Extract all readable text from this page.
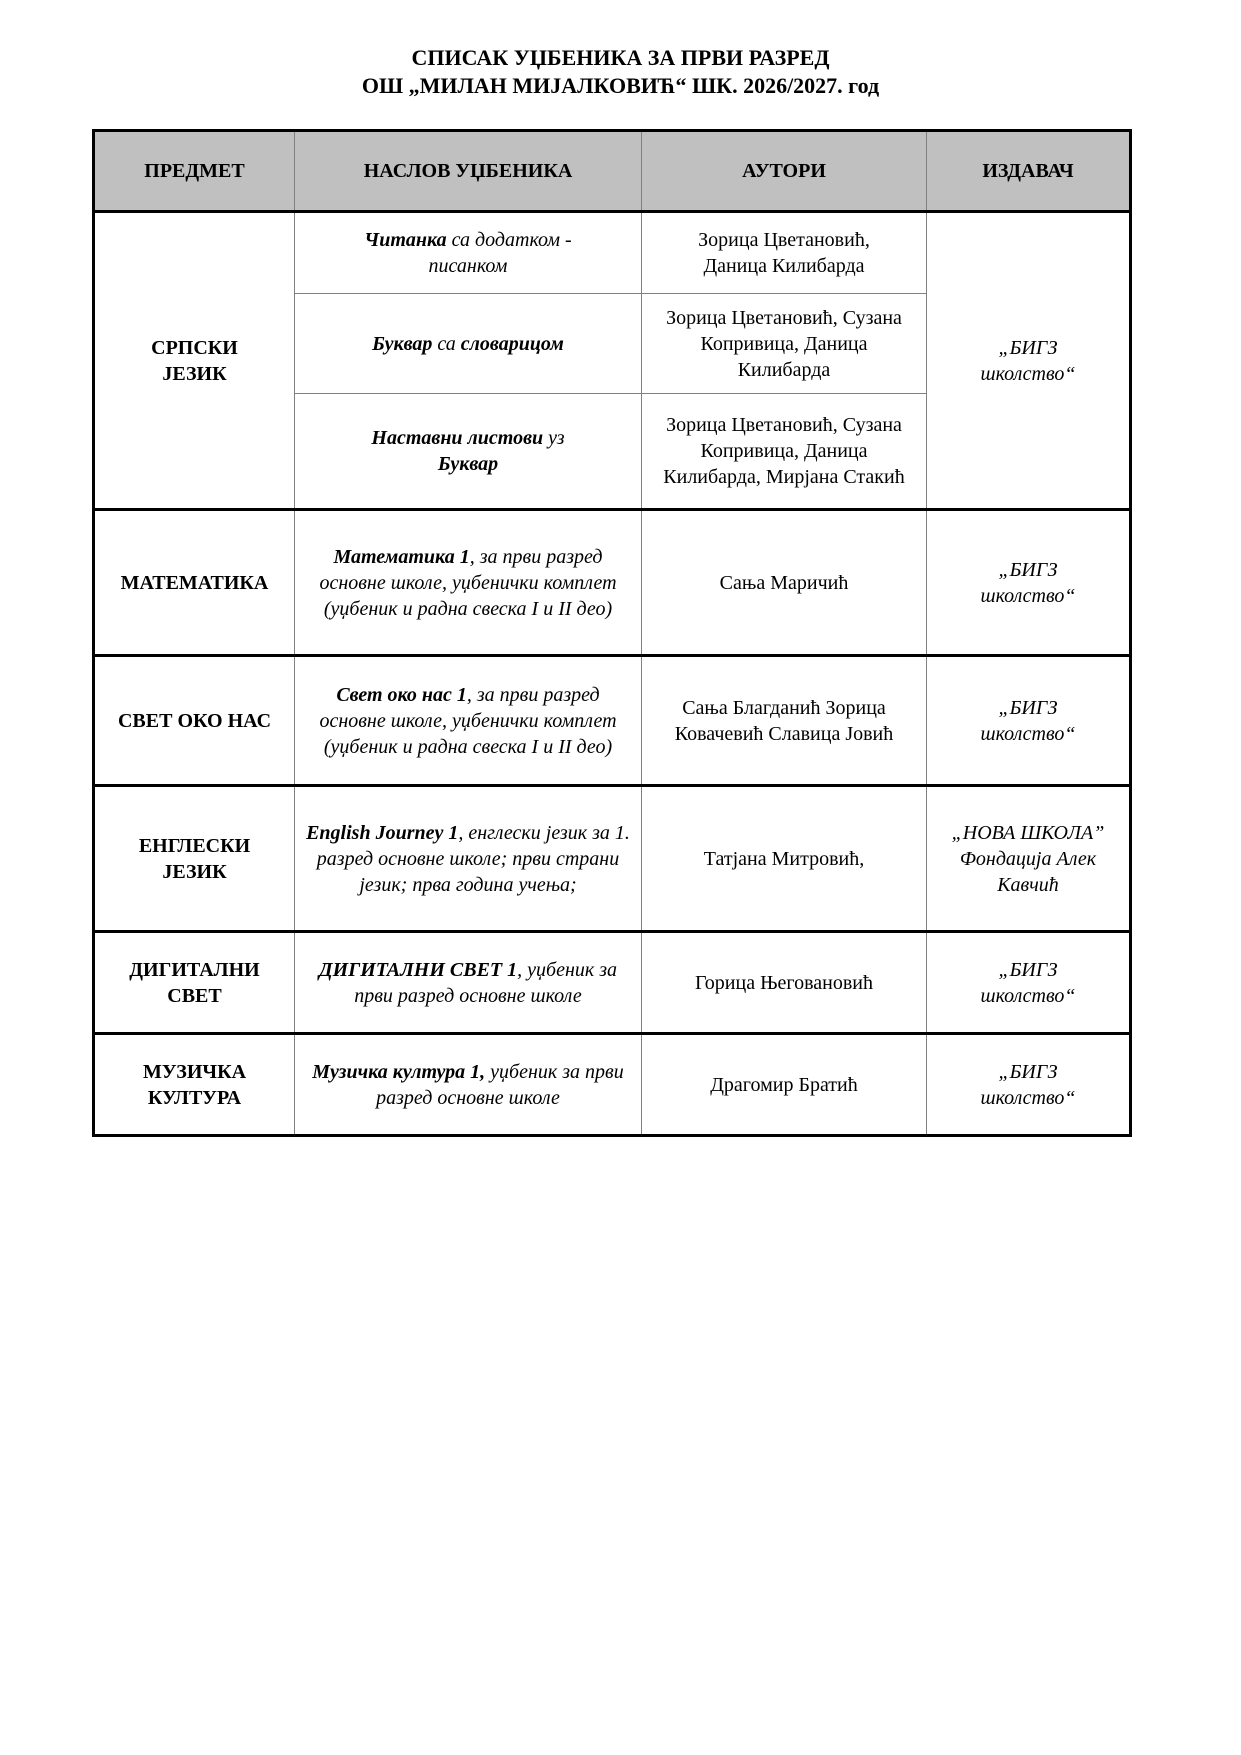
СПИСАК УЏБЕНИКА ЗА ПРВИ РАЗРЕД
ОШ „МИЛАН МИЈАЛКОВИЋ“ ШК. 2026/2027. год
ПРЕДМЕТ	НАСЛОВ УЏБЕНИКА	АУТОРИ	ИЗДАВАЧ
СРПСКИ ЈЕЗИК	Читанка са додатком - писанком	Зорица Цветановић, Даница Килибарда	„БИГЗ школство“
	Буквар са словарицом	Зорица Цветановић, Сузана Копривица, Даница Килибарда	
	Наставни листови уз Буквар	Зорица Цветановић, Сузана Копривица, Даница Килибарда, Мирјана Стакић	
МАТЕМАТИКА	Математика 1, за први разред основне школе, уџбенички комплет (уџбеник и радна свеска I и II део)	Сања Маричић	„БИГЗ школство“
СВЕТ ОКО НАС	Свет око нас 1, за први разред основне школе, уџбенички комплет (уџбеник и радна свеска I и II део)	Сања Благданић Зорица Ковачевић Славица Јовић	„БИГЗ школство“
ЕНГЛЕСКИ ЈЕЗИК	English Journey 1, енглески језик за 1. разред основне школе; први страни језик; прва година учења;	Татјана Митровић,	„НОВА ШКОЛА” Фондација Алек Кавчић
ДИГИТАЛНИ СВЕТ	ДИГИТАЛНИ СВЕТ 1, уџбеник за први разред основне школе	Горица Његовановић	„БИГЗ школство“
МУЗИЧКА КУЛТУРА	Музичка култура 1, уџбеник за први разред основне школе	Драгомир Братић	„БИГЗ школство“
